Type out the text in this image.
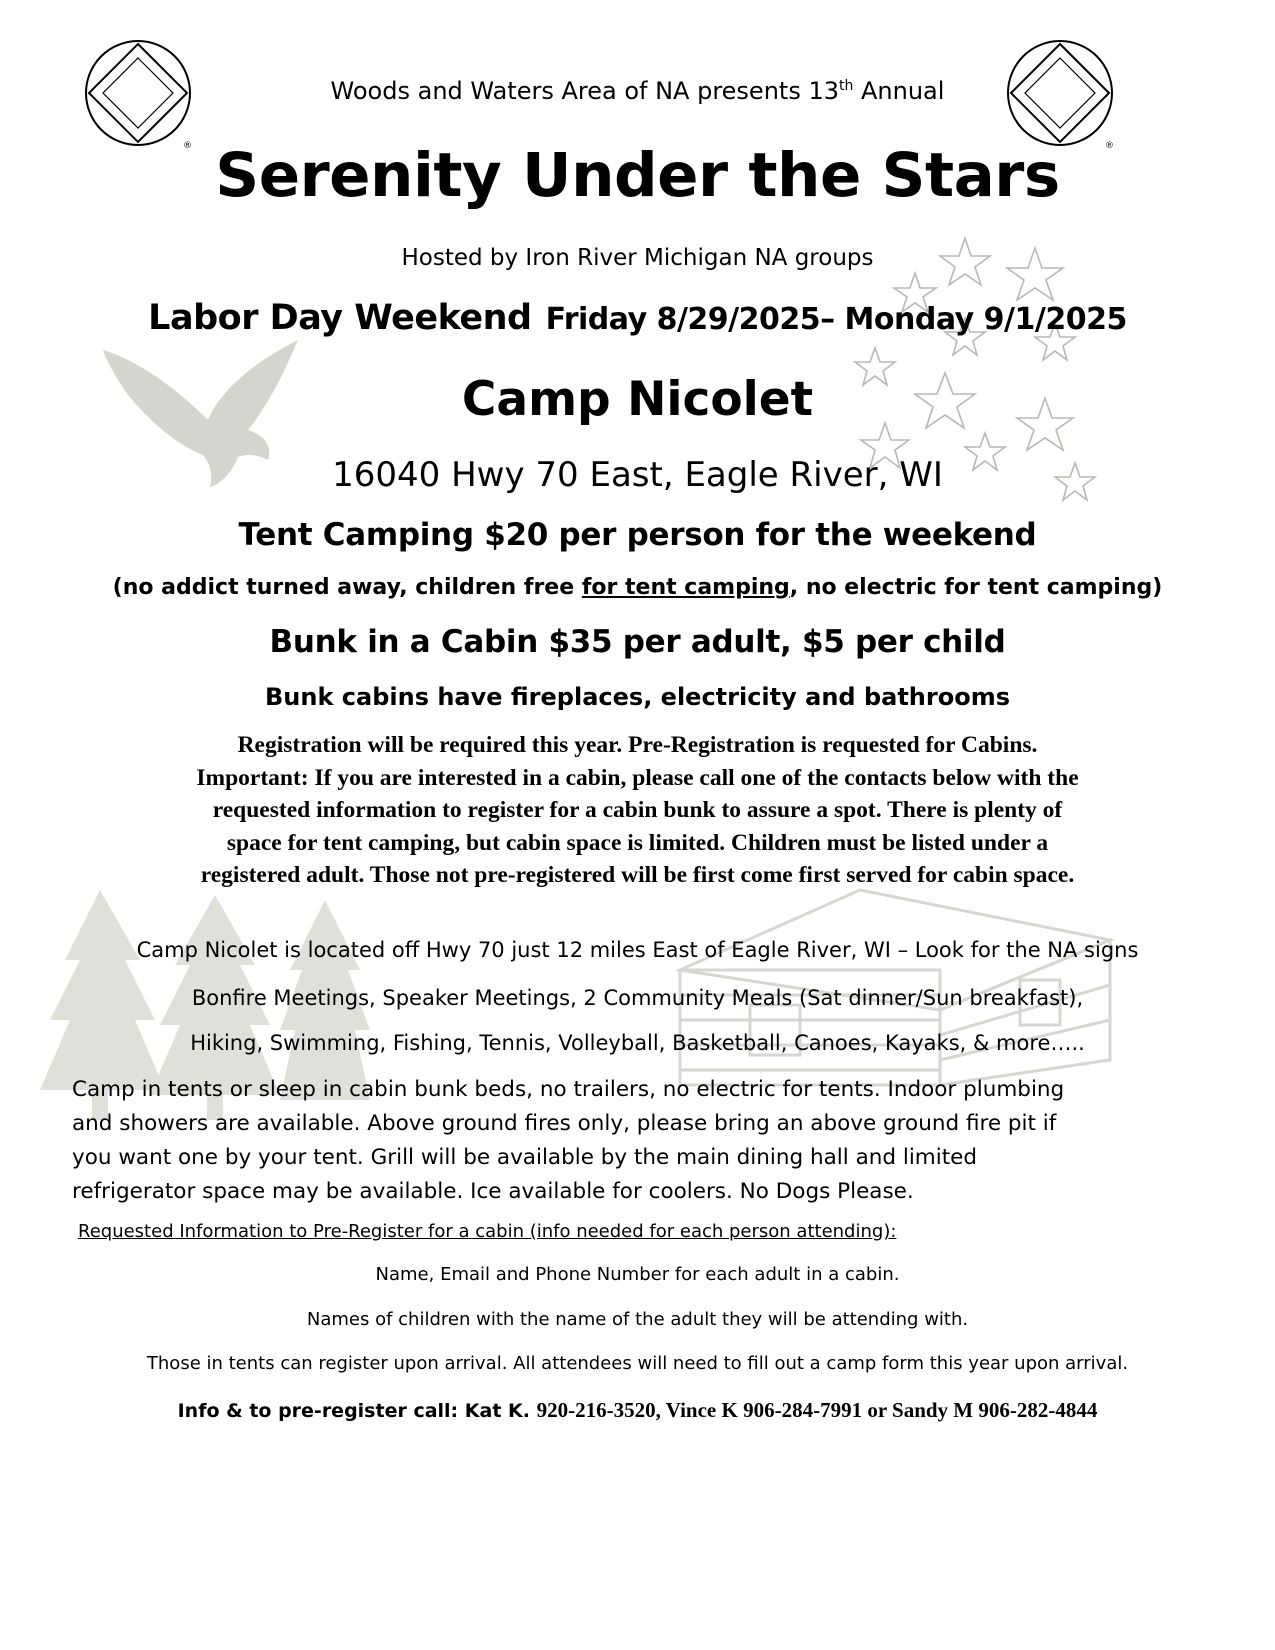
®	®
Woods and Waters Area of NA presents 13th Annual
Serenity Under the Stars
Hosted by Iron River Michigan NA groups
Labor Day Weekend Friday 8/29/2025– Monday 9/1/2025
Camp Nicolet
16040 Hwy 70 East, Eagle River, WI
Tent Camping $20 per person for the weekend
(no addict turned away, children free for tent camping, no electric for tent camping)
Bunk in a Cabin $35 per adult, $5 per child
Bunk cabins have fireplaces, electricity and bathrooms
Registration will be required this year. Pre-Registration is requested for Cabins.
Important: If you are interested in a cabin, please call one of the contacts below with the
requested information to register for a cabin bunk to assure a spot. There is plenty of
space for tent camping, but cabin space is limited. Children must be listed under a
registered adult. Those not pre-registered will be first come first served for cabin space.
Camp Nicolet is located off Hwy 70 just 12 miles East of Eagle River, WI – Look for the NA signs
Bonfire Meetings, Speaker Meetings, 2 Community Meals (Sat dinner/Sun breakfast),
Hiking, Swimming, Fishing, Tennis, Volleyball, Basketball, Canoes, Kayaks, & more…..
Camp in tents or sleep in cabin bunk beds, no trailers, no electric for tents. Indoor plumbing
and showers are available. Above ground fires only, please bring an above ground fire pit if
you want one by your tent. Grill will be available by the main dining hall and limited
refrigerator space may be available. Ice available for coolers. No Dogs Please.
Requested Information to Pre-Register for a cabin (info needed for each person attending):
Name, Email and Phone Number for each adult in a cabin.
Names of children with the name of the adult they will be attending with.
Those in tents can register upon arrival. All attendees will need to fill out a camp form this year upon arrival.
Info & to pre-register call: Kat K. 920-216-3520, Vince K 906-284-7991 or Sandy M 906-282-4844
